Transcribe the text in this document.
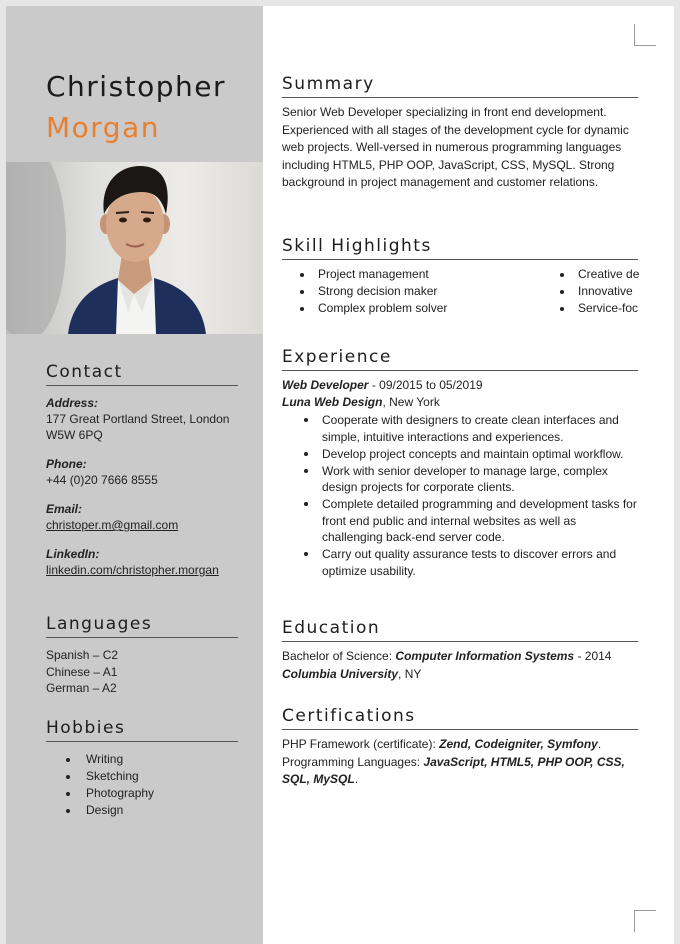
Christopher
Morgan
Contact
Address:
177 Great Portland Street, London
W5W 6PQ
Phone:
+44 (0)20 7666 8555
Email:
christoper.m@gmail.com
LinkedIn:
linkedin.com/christopher.morgan
Languages
Spanish – C2
Chinese – A1
German – A2
Hobbies
Writing
Sketching
Photography
Design
Summary
Senior Web Developer specializing in front end development. Experienced with all stages of the development cycle for dynamic web projects. Well-versed in numerous programming languages including HTML5, PHP OOP, JavaScript, CSS, MySQL. Strong background in project management and customer relations.
Skill Highlights
Project management
Strong decision maker
Complex problem solver
Creative de
Innovative
Service-foc
Experience
Web Developer - 09/2015 to 05/2019
Luna Web Design, New York
Cooperate with designers to create clean interfaces and simple, intuitive interactions and experiences.
Develop project concepts and maintain optimal workflow.
Work with senior developer to manage large, complex design projects for corporate clients.
Complete detailed programming and development tasks for front end public and internal websites as well as challenging back-end server code.
Carry out quality assurance tests to discover errors and optimize usability.
Education
Bachelor of Science: Computer Information Systems - 2014
Columbia University, NY
Certifications
PHP Framework (certificate): Zend, Codeigniter, Symfony.
Programming Languages: JavaScript, HTML5, PHP OOP, CSS,
SQL, MySQL.
